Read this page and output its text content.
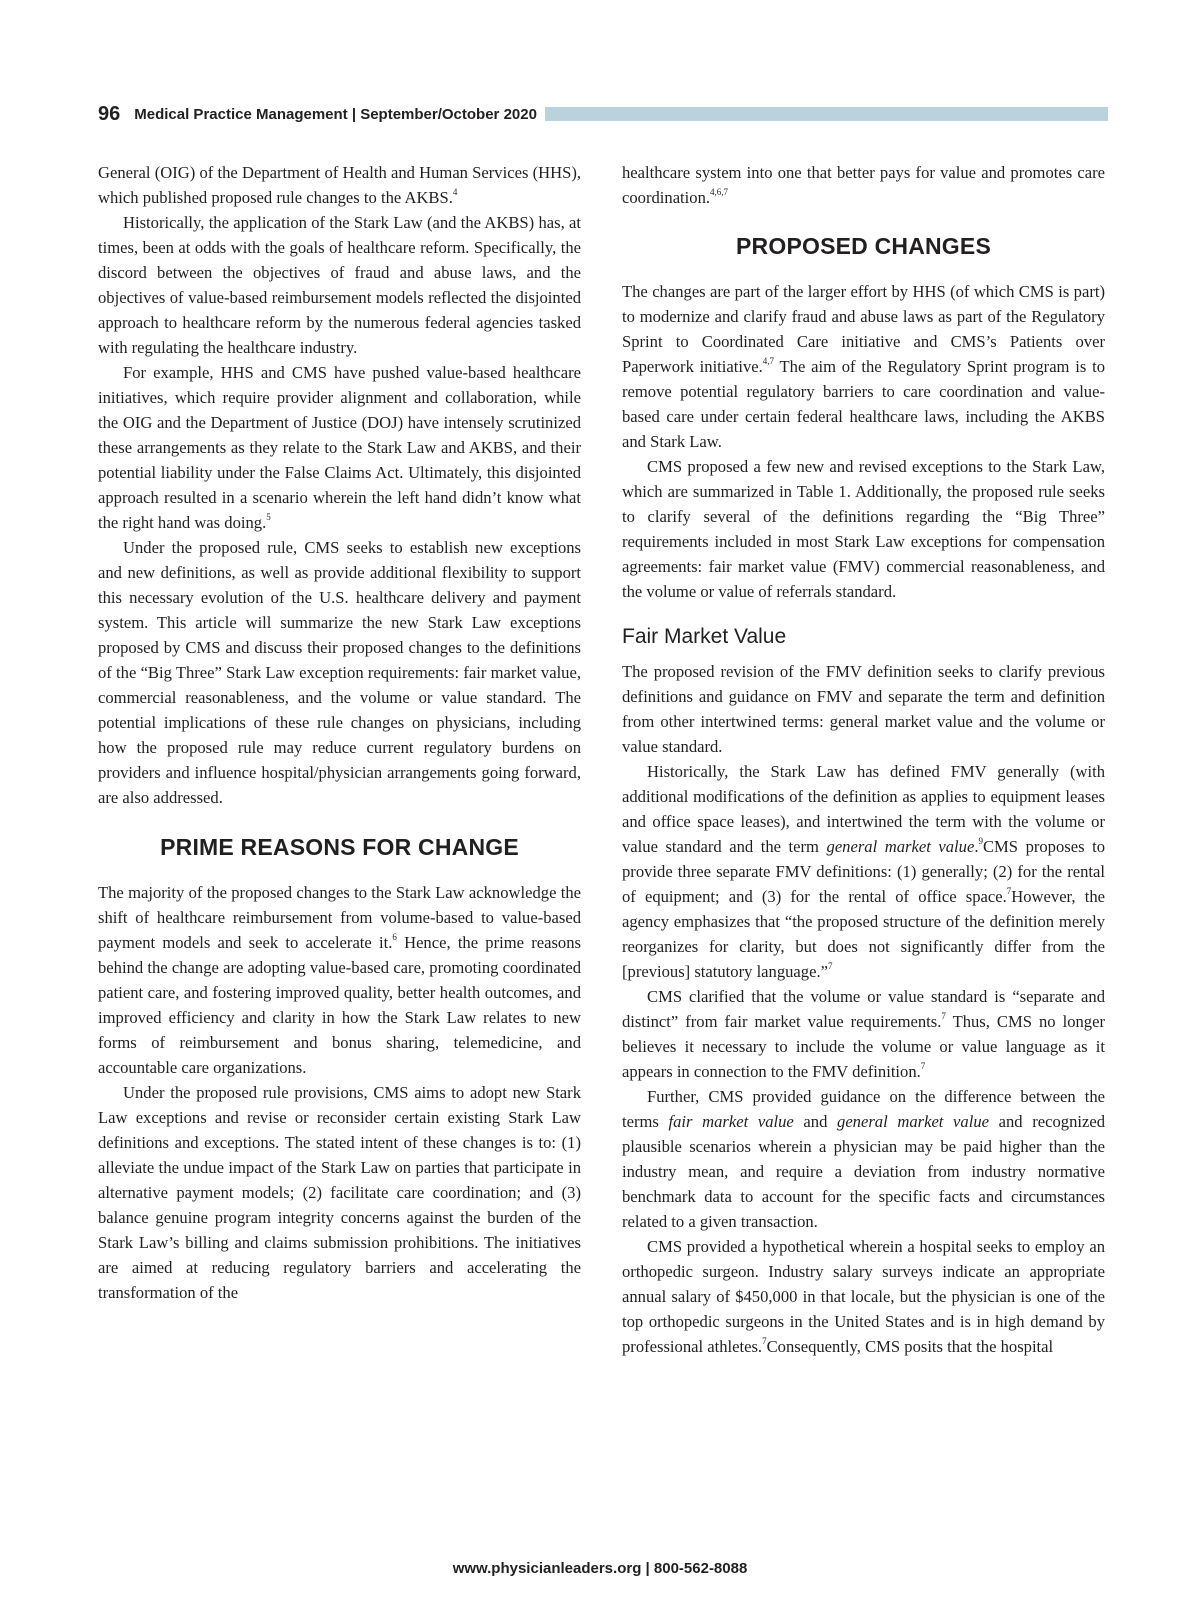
96 Medical Practice Management | September/October 2020

General (OIG) of the Department of Health and Human Services (HHS), which published proposed rule changes to the AKBS.$^4$

Historically, the application of the Stark Law (and the AKBS) has, at times, been at odds with the goals of healthcare reform. Specifically, the discord between the objectives of fraud and abuse laws, and the objectives of value-based reimbursement models reflected the disjointed approach to healthcare reform by the numerous federal agencies tasked with regulating the healthcare industry.

For example, HHS and CMS have pushed value-based healthcare initiatives, which require provider alignment and collaboration, while the OIG and the Department of Justice (DOJ) have intensely scrutinized these arrangements as they relate to the Stark Law and AKBS, and their potential liability under the False Claims Act. Ultimately, this disjointed approach resulted in a scenario wherein the left hand didn’t know what the right hand was doing.$^5$

Under the proposed rule, CMS seeks to establish new exceptions and new definitions, as well as provide additional flexibility to support this necessary evolution of the U.S. healthcare delivery and payment system. This article will summarize the new Stark Law exceptions proposed by CMS and discuss their proposed changes to the definitions of the “Big Three” Stark Law exception requirements: fair market value, commercial reasonableness, and the volume or value standard. The potential implications of these rule changes on physicians, including how the proposed rule may reduce current regulatory burdens on providers and influence hospital/physician arrangements going forward, are also addressed.

PRIME REASONS FOR CHANGE

The majority of the proposed changes to the Stark Law acknowledge the shift of healthcare reimbursement from volume-based to value-based payment models and seek to accelerate it.$^6$ Hence, the prime reasons behind the change are adopting value-based care, promoting coordinated patient care, and fostering improved quality, better health outcomes, and improved efficiency and clarity in how the Stark Law relates to new forms of reimbursement and bonus sharing, telemedicine, and accountable care organizations.

Under the proposed rule provisions, CMS aims to adopt new Stark Law exceptions and revise or reconsider certain existing Stark Law definitions and exceptions. The stated intent of these changes is to: (1) alleviate the undue impact of the Stark Law on parties that participate in alternative payment models; (2) facilitate care coordination; and (3) balance genuine program integrity concerns against the burden of the Stark Law’s billing and claims submission prohibitions. The initiatives are aimed at reducing regulatory barriers and accelerating the transformation of the

healthcare system into one that better pays for value and promotes care coordination.$^{4,6,7}$

PROPOSED CHANGES

The changes are part of the larger effort by HHS (of which CMS is part) to modernize and clarify fraud and abuse laws as part of the Regulatory Sprint to Coordinated Care initiative and CMS’s Patients over Paperwork initiative.$^{4,7}$ The aim of the Regulatory Sprint program is to remove potential regulatory barriers to care coordination and value-based care under certain federal healthcare laws, including the AKBS and Stark Law.

CMS proposed a few new and revised exceptions to the Stark Law, which are summarized in Table 1. Additionally, the proposed rule seeks to clarify several of the definitions regarding the “Big Three” requirements included in most Stark Law exceptions for compensation agreements: fair market value (FMV) commercial reasonableness, and the volume or value of referrals standard.

Fair Market Value

The proposed revision of the FMV definition seeks to clarify previous definitions and guidance on FMV and separate the term and definition from other intertwined terms: general market value and the volume or value standard.

Historically, the Stark Law has defined FMV generally (with additional modifications of the definition as applies to equipment leases and office space leases), and intertwined the term with the volume or value standard and the term general market value.$^9$CMS proposes to provide three separate FMV definitions: (1) generally; (2) for the rental of equipment; and (3) for the rental of office space.$^7$However, the agency emphasizes that “the proposed structure of the definition merely reorganizes for clarity, but does not significantly differ from the [previous] statutory language.”$^7$

CMS clarified that the volume or value standard is “separate and distinct” from fair market value requirements.$^7$ Thus, CMS no longer believes it necessary to include the volume or value language as it appears in connection to the FMV definition.$^7$

Further, CMS provided guidance on the difference between the terms fair market value and general market value and recognized plausible scenarios wherein a physician may be paid higher than the industry mean, and require a deviation from industry normative benchmark data to account for the specific facts and circumstances related to a given transaction.

CMS provided a hypothetical wherein a hospital seeks to employ an orthopedic surgeon. Industry salary surveys indicate an appropriate annual salary of $450,000 in that locale, but the physician is one of the top orthopedic surgeons in the United States and is in high demand by professional athletes.$^7$Consequently, CMS posits that the hospital

www.physicianleaders.org | 800-562-8088
